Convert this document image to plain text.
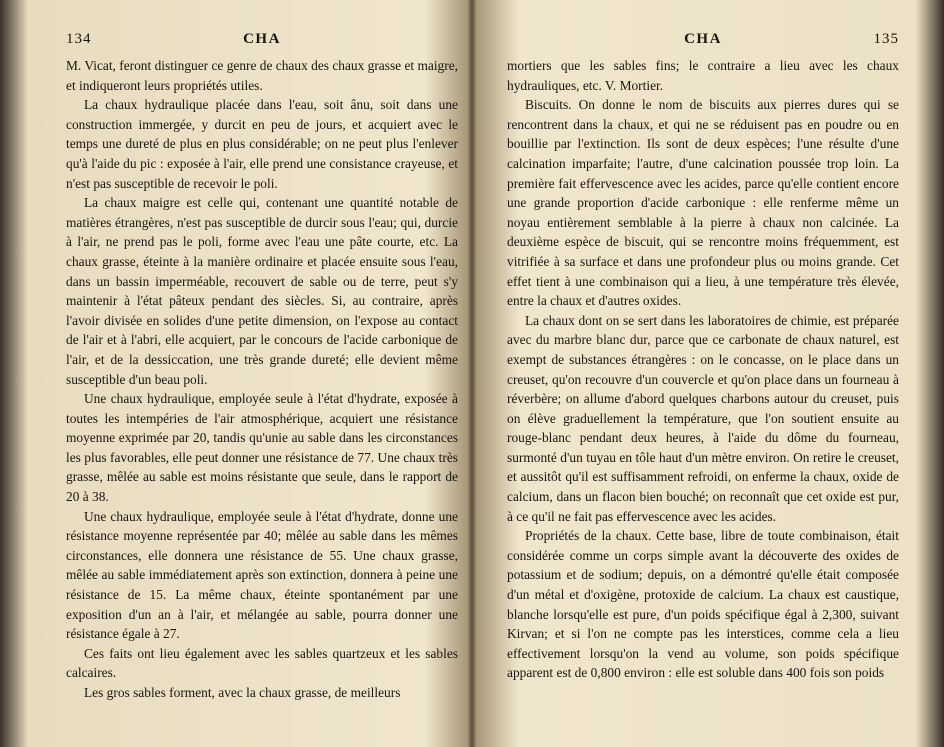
134	CHA

M. Vicat, feront distinguer ce genre de chaux des chaux grasse et maigre, et indiqueront leurs propriétés utiles.

La chaux hydraulique placée dans l'eau, soit ânu, soit dans une construction immergée, y durcit en peu de jours, et acquiert avec le temps une dureté de plus en plus considérable; on ne peut plus l'enlever qu'à l'aide du pic : exposée à l'air, elle prend une consistance crayeuse, et n'est pas susceptible de recevoir le poli.

La chaux maigre est celle qui, contenant une quantité notable de matières étrangères, n'est pas susceptible de durcir sous l'eau; qui, durcie à l'air, ne prend pas le poli, forme avec l'eau une pâte courte, etc. La chaux grasse, éteinte à la manière ordinaire et placée ensuite sous l'eau, dans un bassin imperméable, recouvert de sable ou de terre, peut s'y maintenir à l'état pâteux pendant des siècles. Si, au contraire, après l'avoir divisée en solides d'une petite dimension, on l'expose au contact de l'air et à l'abri, elle acquiert, par le concours de l'acide carbonique de l'air, et de la dessiccation, une très grande dureté; elle devient même susceptible d'un beau poli.

Une chaux hydraulique, employée seule à l'état d'hydrate, exposée à toutes les intempéries de l'air atmosphérique, acquiert une résistance moyenne exprimée par 20, tandis qu'unie au sable dans les circonstances les plus favorables, elle peut donner une résistance de 77. Une chaux très grasse, mêlée au sable est moins résistante que seule, dans le rapport de 20 à 38.

Une chaux hydraulique, employée seule à l'état d'hydrate, donne une résistance moyenne représentée par 40; mêlée au sable dans les mêmes circonstances, elle donnera une résistance de 55. Une chaux grasse, mêlée au sable immédiatement après son extinction, donnera à peine une résistance de 15. La même chaux, éteinte spontanément par une exposition d'un an à l'air, et mélangée au sable, pourra donner une résistance égale à 27.

Ces faits ont lieu également avec les sables quartzeux et les sables calcaires.

Les gros sables forment, avec la chaux grasse, de meilleurs

CHA	135

mortiers que les sables fins; le contraire a lieu avec les chaux hydrauliques, etc. V. Mortier.

Biscuits. On donne le nom de biscuits aux pierres dures qui se rencontrent dans la chaux, et qui ne se réduisent pas en poudre ou en bouillie par l'extinction. Ils sont de deux espèces; l'une résulte d'une calcination imparfaite; l'autre, d'une calcination poussée trop loin. La première fait effervescence avec les acides, parce qu'elle contient encore une grande proportion d'acide carbonique : elle renferme même un noyau entièrement semblable à la pierre à chaux non calcinée. La deuxième espèce de biscuit, qui se rencontre moins fréquemment, est vitrifiée à sa surface et dans une profondeur plus ou moins grande. Cet effet tient à une combinaison qui a lieu, à une température très élevée, entre la chaux et d'autres oxides.

La chaux dont on se sert dans les laboratoires de chimie, est préparée avec du marbre blanc dur, parce que ce carbonate de chaux naturel, est exempt de substances étrangères : on le concasse, on le place dans un creuset, qu'on recouvre d'un couvercle et qu'on place dans un fourneau à réverbère; on allume d'abord quelques charbons autour du creuset, puis on élève graduellement la température, que l'on soutient ensuite au rouge-blanc pendant deux heures, à l'aide du dôme du fourneau, surmonté d'un tuyau en tôle haut d'un mètre environ. On retire le creuset, et aussitôt qu'il est suffisamment refroidi, on enferme la chaux, oxide de calcium, dans un flacon bien bouché; on reconnaît que cet oxide est pur, à ce qu'il ne fait pas effervescence avec les acides.

Propriétés de la chaux. Cette base, libre de toute combinaison, était considérée comme un corps simple avant la découverte des oxides de potassium et de sodium; depuis, on a démontré qu'elle était composée d'un métal et d'oxigène, protoxide de calcium. La chaux est caustique, blanche lorsqu'elle est pure, d'un poids spécifique égal à 2,300, suivant Kirvan; et si l'on ne compte pas les interstices, comme cela a lieu effectivement lorsqu'on la vend au volume, son poids spécifique apparent est de 0,800 environ : elle est soluble dans 400 fois son poids
